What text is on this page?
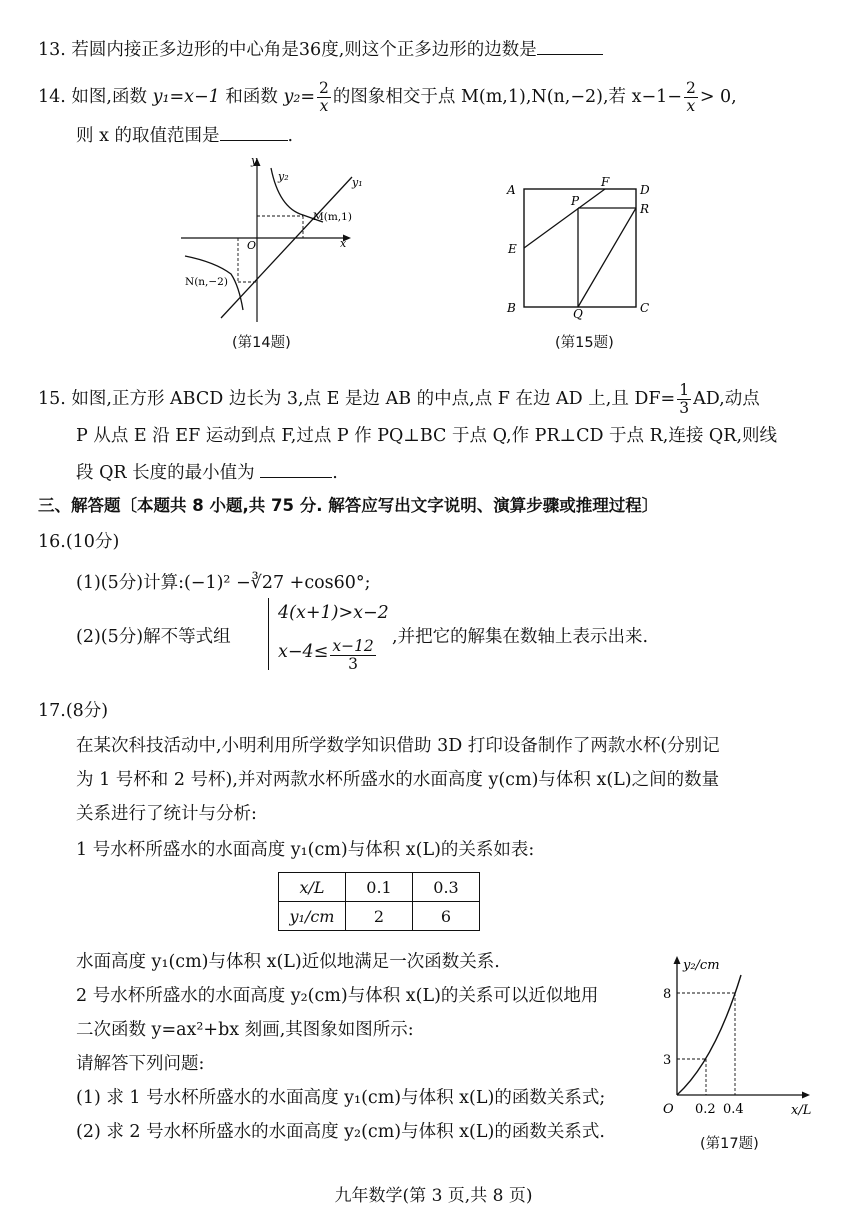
13. 若圆内接正多边形的中心角是36度,则这个正多边形的边数是
14. 如图,函数 y₁=x−1 和函数 $y_2= \frac{2}{x}$ 的图象相交于点 M(m,1),N(n,−2),若 $x-1- \frac{2}{x} > 0$,
则 x 的取值范围是	.
y
x
O
y₁
y₂
M(m,1)
N(n,−2)
(第14题)
A
F
D
P
R
E
B	Q	C
(第15题)
15. 如图,正方形 ABCD 边长为 3,点 E 是边 AB 的中点,点 F 在边 AD 上,且 $DF= \frac{1}{3}$ AD,动点
P 从点 E 沿 EF 运动到点 F,过点 P 作 PQ⊥BC 于点 Q,作 PR⊥CD 于点 R,连接 QR,则线
段 QR 长度的最小值为	.
三、解答题〔本题共 8 小题,共 75 分. 解答应写出文字说明、演算步骤或推理过程〕
16.(10分)
(1)(5分)计算:(−1)² −∛27 +cos60°;
(2)(5分)解不等式组
4(x+1)>x−2
$x-4\le \frac{x-12}{3}$
,并把它的解集在数轴上表示出来.
17.(8分)
在某次科技活动中,小明利用所学数学知识借助 3D 打印设备制作了两款水杯(分别记
为 1 号杯和 2 号杯),并对两款水杯所盛水的水面高度 y(cm)与体积 x(L)之间的数量
关系进行了统计与分析:
1 号水杯所盛水的水面高度 y₁(cm)与体积 x(L)的关系如表:
x/L	0.1	0.3
y₁/cm	2	6
水面高度 y₁(cm)与体积 x(L)近似地满足一次函数关系.
2 号水杯所盛水的水面高度 y₂(cm)与体积 x(L)的关系可以近似地用
二次函数 y=ax²+bx 刻画,其图象如图所示:
请解答下列问题:
(1) 求 1 号水杯所盛水的水面高度 y₁(cm)与体积 x(L)的函数关系式;
(2) 求 2 号水杯所盛水的水面高度 y₂(cm)与体积 x(L)的函数关系式.
y₂/cm
x/L
O
8
3
0.2 0.4
(第17题)
九年数学(第 3 页,共 8 页)
